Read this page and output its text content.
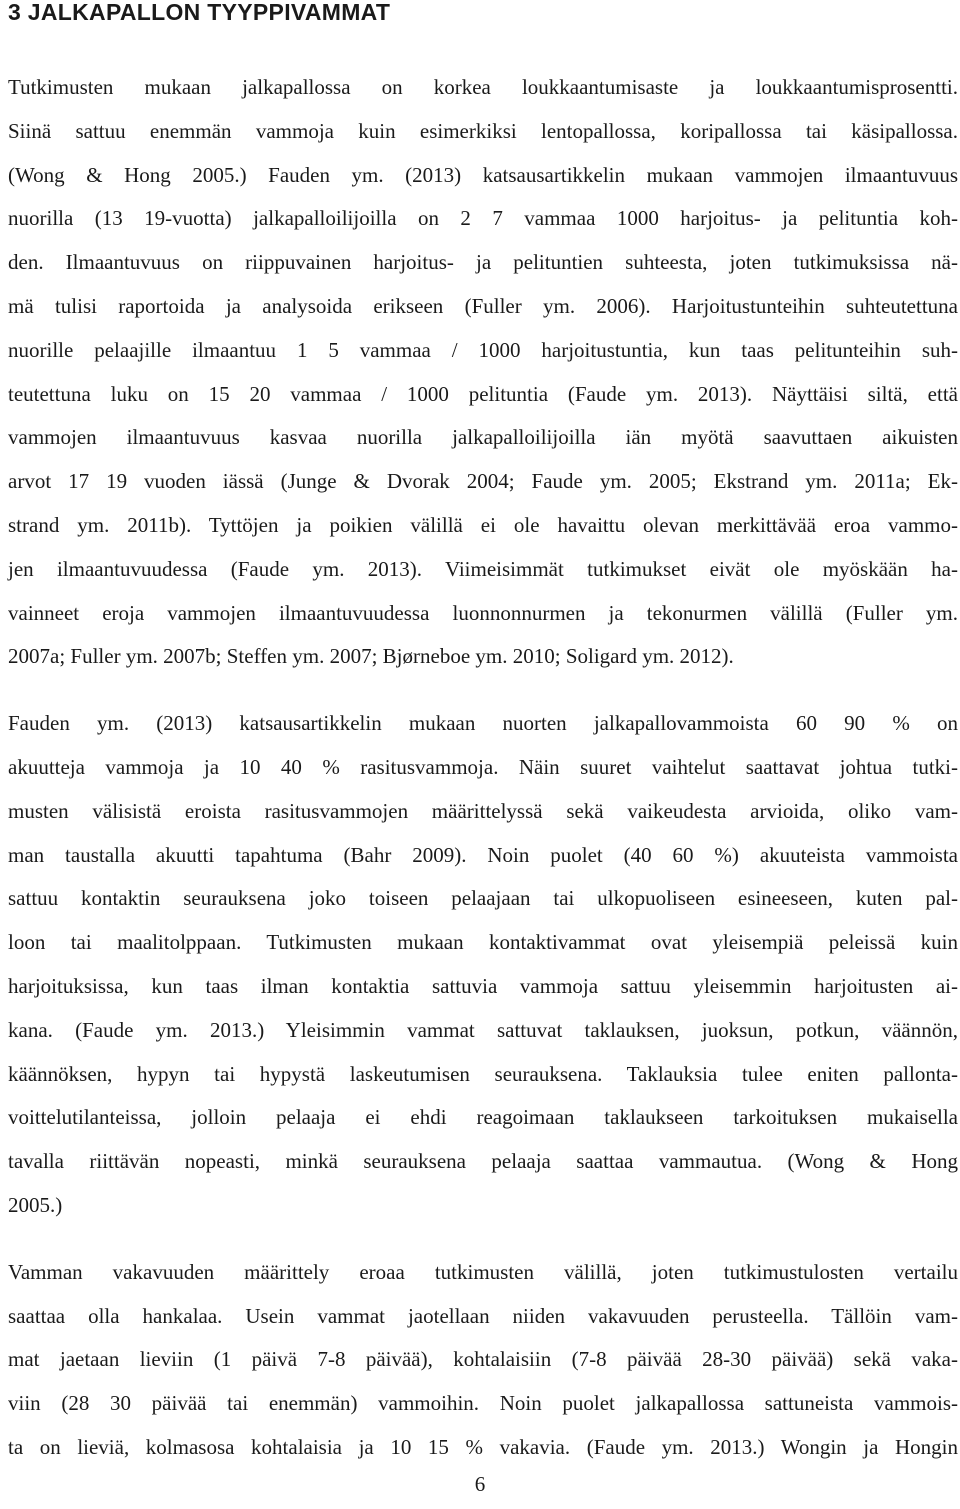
3 JALKAPALLON TYYPPIVAMMAT

Tutkimusten mukaan jalkapallossa on korkea loukkaantumisaste ja loukkaantumisprosentti.
Siinä sattuu enemmän vammoja kuin esimerkiksi lentopallossa, koripallossa tai käsipallossa.
(Wong & Hong 2005.) Fauden ym. (2013) katsausartikkelin mukaan vammojen ilmaantuvuus
nuorilla (13 19-vuotta) jalkapalloilijoilla on 2 7 vammaa 1000 harjoitus- ja pelituntia koh-
den. Ilmaantuvuus on riippuvainen harjoitus- ja pelituntien suhteesta, joten tutkimuksissa nä-
mä tulisi raportoida ja analysoida erikseen (Fuller ym. 2006). Harjoitustunteihin suhteutettuna
nuorille pelaajille ilmaantuu 1 5 vammaa / 1000 harjoitustuntia, kun taas pelitunteihin suh-
teutettuna luku on 15 20 vammaa / 1000 pelituntia (Faude ym. 2013). Näyttäisi siltä, että
vammojen ilmaantuvuus kasvaa nuorilla jalkapalloilijoilla iän myötä saavuttaen aikuisten
arvot 17 19 vuoden iässä (Junge & Dvorak 2004; Faude ym. 2005; Ekstrand ym. 2011a; Ek-
strand ym. 2011b). Tyttöjen ja poikien välillä ei ole havaittu olevan merkittävää eroa vammo-
jen ilmaantuvuudessa (Faude ym. 2013). Viimeisimmät tutkimukset eivät ole myöskään ha-
vainneet eroja vammojen ilmaantuvuudessa luonnonnurmen ja tekonurmen välillä (Fuller ym.
2007a; Fuller ym. 2007b; Steffen ym. 2007; Bjørneboe ym. 2010; Soligard ym. 2012).

Fauden ym. (2013) katsausartikkelin mukaan nuorten jalkapallovammoista 60 90 % on
akuutteja vammoja ja 10 40 % rasitusvammoja. Näin suuret vaihtelut saattavat johtua tutki-
musten välisistä eroista rasitusvammojen määrittelyssä sekä vaikeudesta arvioida, oliko vam-
man taustalla akuutti tapahtuma (Bahr 2009). Noin puolet (40 60 %) akuuteista vammoista
sattuu kontaktin seurauksena joko toiseen pelaajaan tai ulkopuoliseen esineeseen, kuten pal-
loon tai maalitolppaan. Tutkimusten mukaan kontaktivammat ovat yleisempiä peleissä kuin
harjoituksissa, kun taas ilman kontaktia sattuvia vammoja sattuu yleisemmin harjoitusten ai-
kana. (Faude ym. 2013.) Yleisimmin vammat sattuvat taklauksen, juoksun, potkun, väännön,
käännöksen, hypyn tai hypystä laskeutumisen seurauksena. Taklauksia tulee eniten pallonta-
voittelutilanteissa, jolloin pelaaja ei ehdi reagoimaan taklaukseen tarkoituksen mukaisella
tavalla riittävän nopeasti, minkä seurauksena pelaaja saattaa vammautua. (Wong & Hong
2005.)

Vamman vakavuuden määrittely eroaa tutkimusten välillä, joten tutkimustulosten vertailu
saattaa olla hankalaa. Usein vammat jaotellaan niiden vakavuuden perusteella. Tällöin vam-
mat jaetaan lieviin (1 päivä 7-8 päivää), kohtalaisiin (7-8 päivää 28-30 päivää) sekä vaka-
viin (28 30 päivää tai enemmän) vammoihin. Noin puolet jalkapallossa sattuneista vammois-
ta on lieviä, kolmasosa kohtalaisia ja 10 15 % vakavia. (Faude ym. 2013.) Wongin ja Hongin

6
